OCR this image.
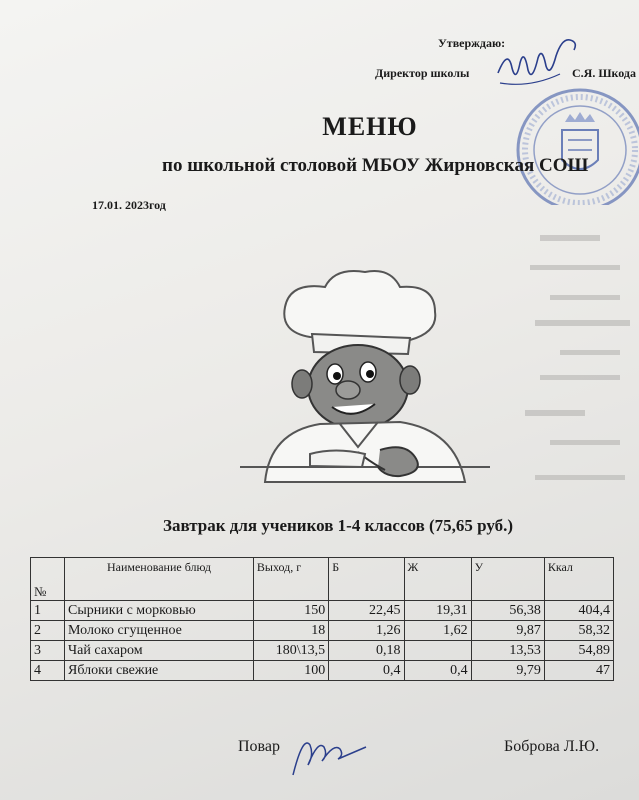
Утверждаю:
Директор школы	С.Я. Шкода
МЕНЮ
по школьной столовой МБОУ Жирновская СОШ
17.01. 2023год
Завтрак для учеников 1-4 классов (75,65 руб.)
№	Наименование блюд	Выход, г	Б	Ж	У	Ккал
1	Сырники с морковью	150	22,45	19,31	56,38	404,4
2	Молоко сгущенное	18	1,26	1,62	9,87	58,32
3	Чай сахаром	180\13,5	0,18		13,53	54,89
4	Яблоки свежие	100	0,4	0,4	9,79	47
Повар	Боброва Л.Ю.
